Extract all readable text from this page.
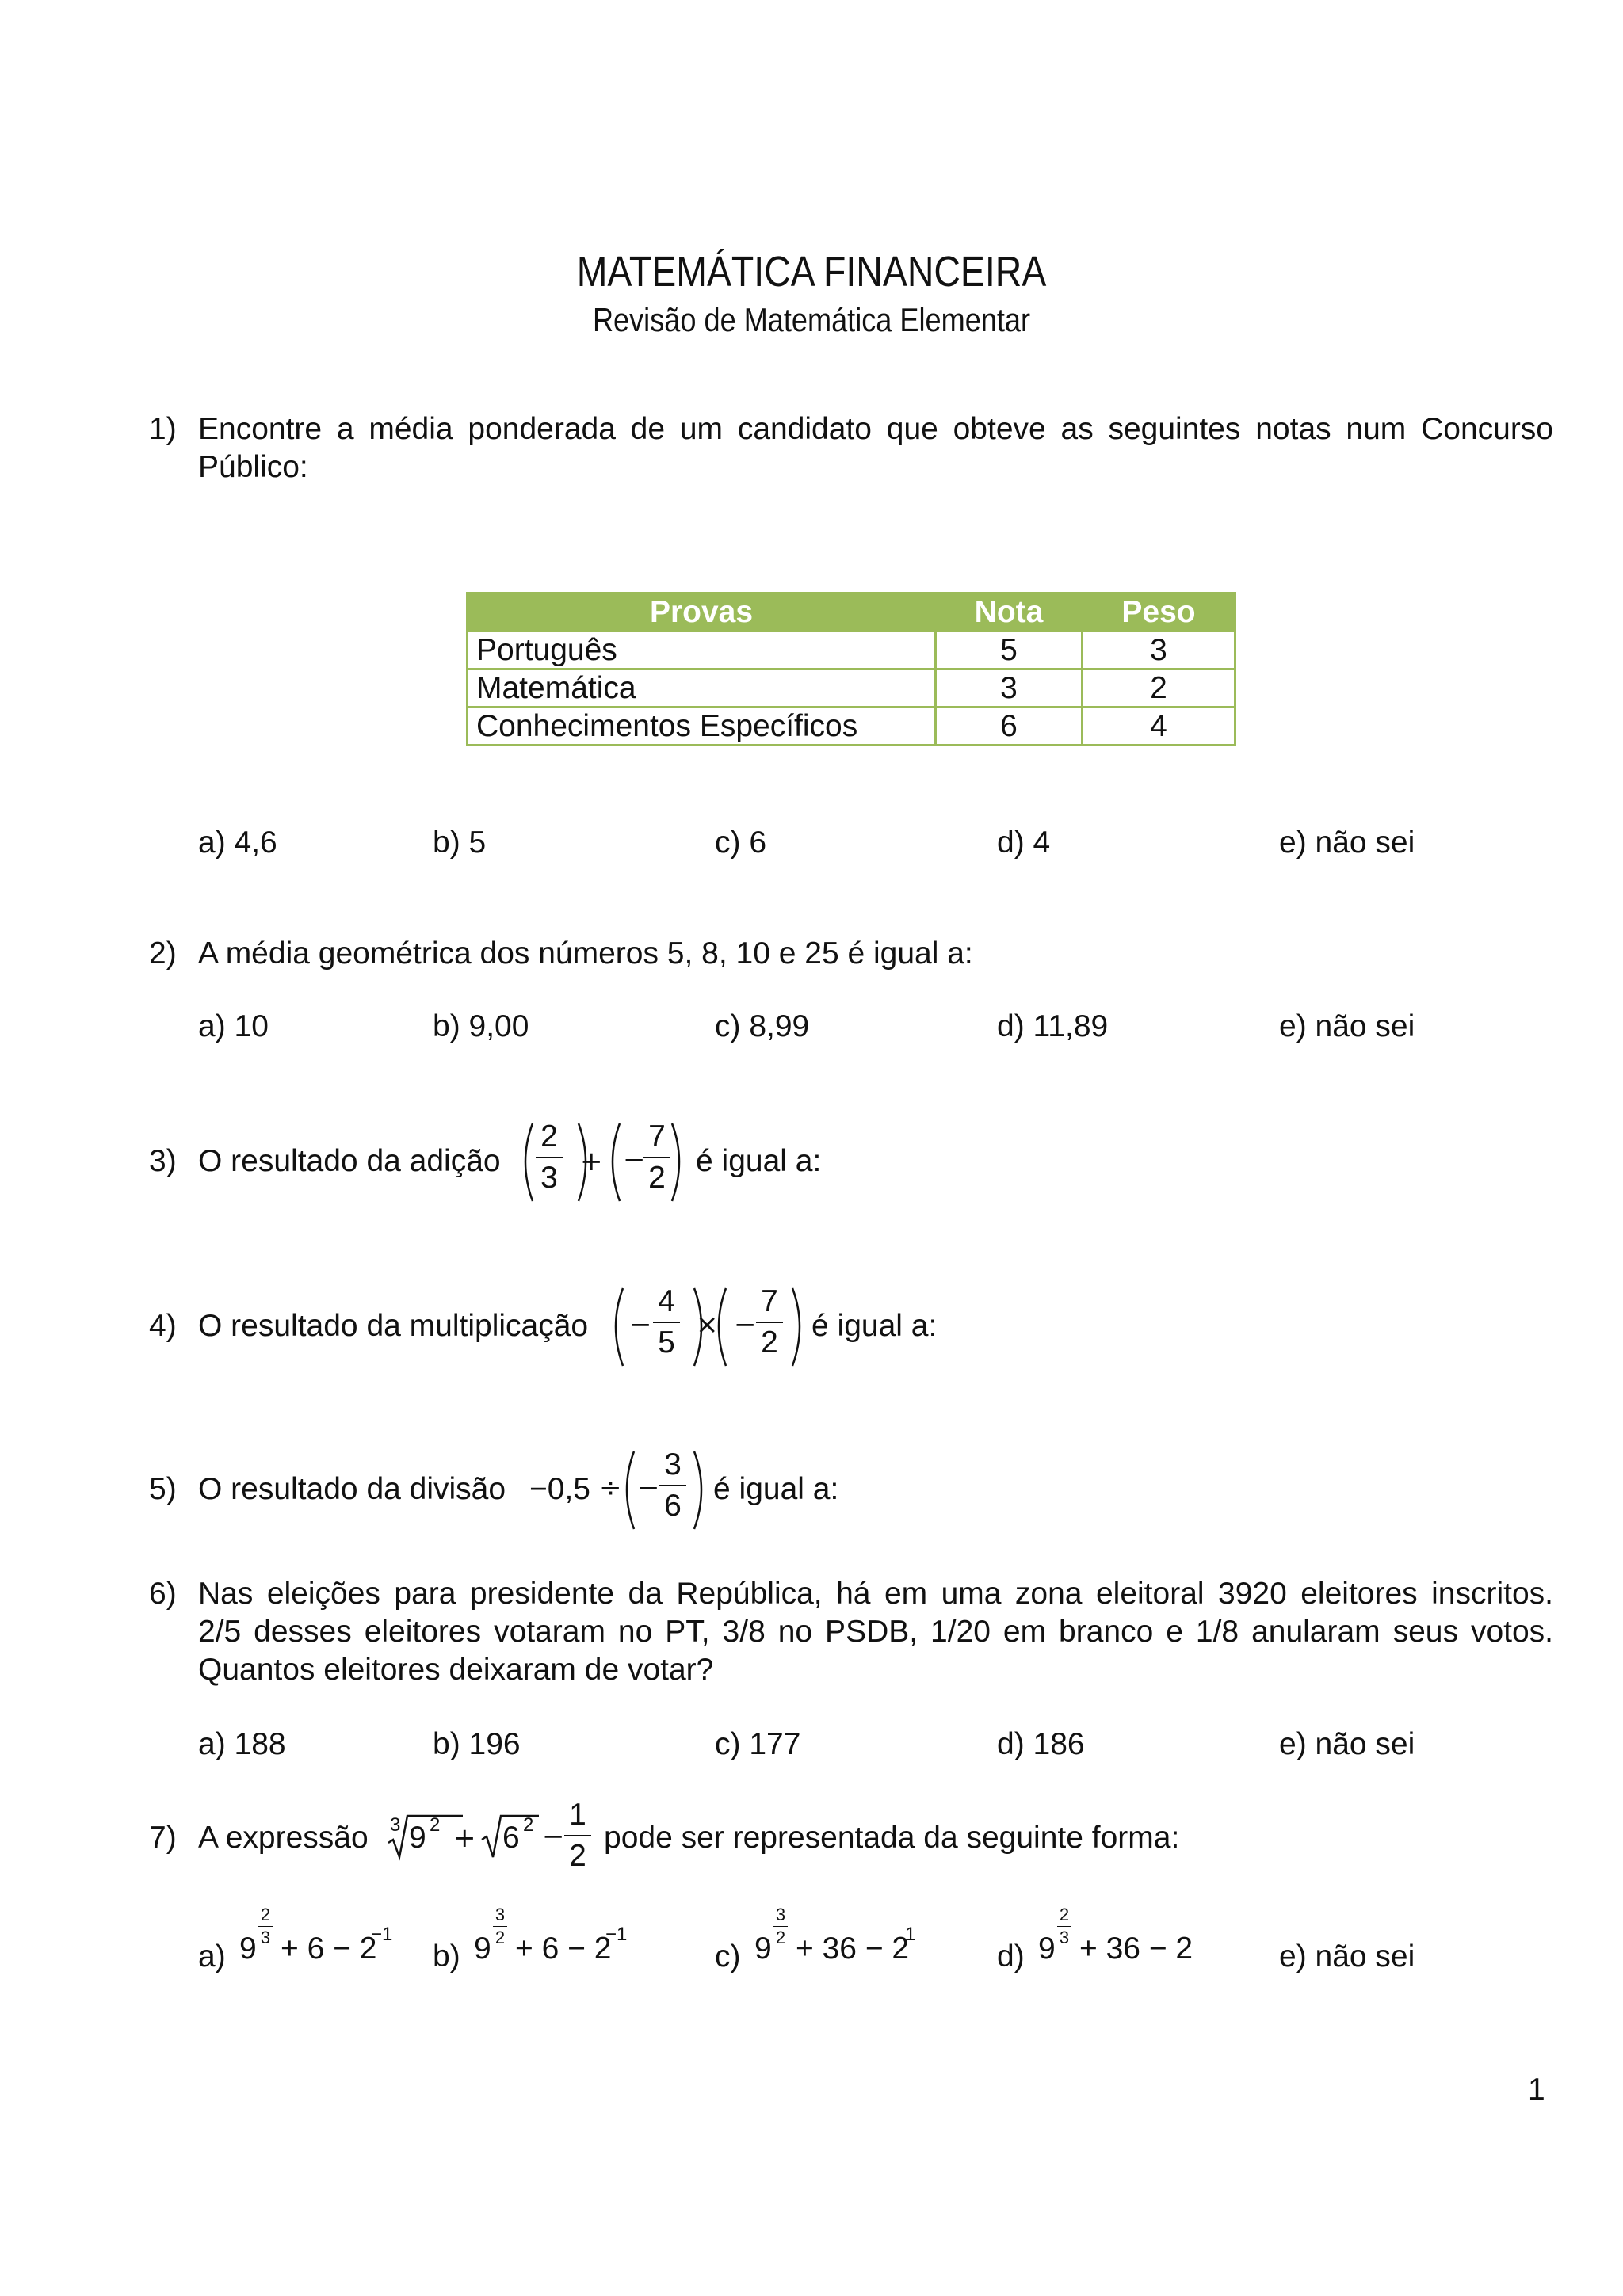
MATEMÁTICA FINANCEIRA
Revisão de Matemática Elementar
1) Encontre a média ponderada de um candidato que obteve as seguintes notas num Concurso
Público:
Provas	Nota	Peso
Português	5	3
Matemática	3	2
Conhecimentos Específicos	6	4
a) 4,6	b) 5	c) 6	d) 4	e) não sei
2) A média geométrica dos números 5, 8, 10 e 25 é igual a:
a) 10	b) 9,00	c) 8,99	d) 11,89	e) não sei
3) O resultado da adição
2
3 + −
7
2 é igual a:
4) O resultado da multiplicação −
4
5
× −
7
2 é igual a:
5) O resultado da divisão −0,5 ÷ −
3
6 é igual a:
6) Nas eleições para presidente da República, há em uma zona eleitoral 3920 eleitores inscritos.
2/5 desses eleitores votaram no PT, 3/8 no PSDB, 1/20 em branco e 1/8 anularam seus votos.
Quantos eleitores deixaram de votar?
a) 188	b) 196	c) 177	d) 186	e) não sei
7) A expressão 3 9 2 + 6 2 −
1
2
pode ser representada da seguinte forma:
a) 9
2
3 + 6 − 2
−1
b) 9
3
2 + 6 − 2
−1
c) 9
3
2 + 36 − 2
1
d) 9
2
3 + 36 − 2	e) não sei
1
